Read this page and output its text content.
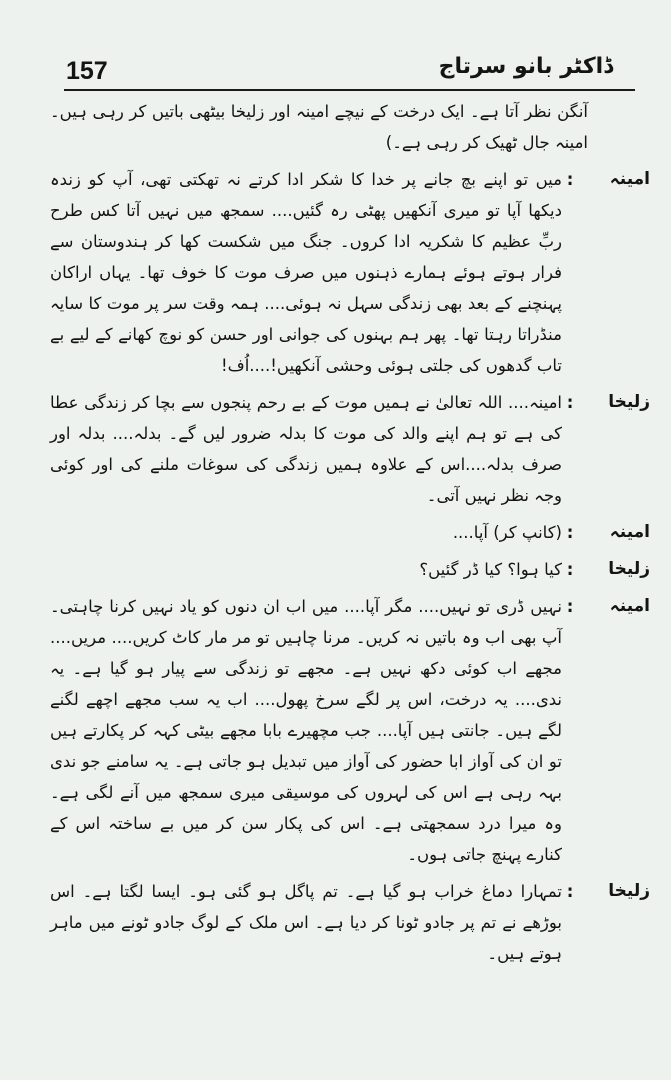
157	ڈاکٹر بانو سرتاج

آنگن نظر آتا ہے۔ ایک درخت کے نیچے امینہ اور زلیخا بیٹھی باتیں کر رہی ہیں۔ امینہ جال ٹھیک کر رہی ہے۔)

امینہ
:

میں تو اپنے بچ جانے پر خدا کا شکر ادا کرتے نہ تھکتی تھی، آپ کو زندہ دیکھا آپا تو میری آنکھیں پھٹی رہ گئیں.... سمجھ میں نہیں آتا کس طرح ربِّ عظیم کا شکریہ ادا کروں۔ جنگ میں شکست کھا کر ہندوستان سے فرار ہوتے ہوئے ہمارے ذہنوں میں صرف موت کا خوف تھا۔ یہاں اراکان پہنچنے کے بعد بھی زندگی سہل نہ ہوئی.... ہمہ وقت سر پر موت کا سایہ منڈراتا رہتا تھا۔ پھر ہم بہنوں کی جوانی اور حسن کو نوچ کھانے کے لیے بے تاب گدھوں کی جلتی ہوئی وحشی آنکھیں!....اُف!

زلیخا
:

امینہ.... اللہ تعالیٰ نے ہمیں موت کے بے رحم پنجوں سے بچا کر زندگی عطا کی ہے تو ہم اپنے والد کی موت کا بدلہ ضرور لیں گے۔ بدلہ.... بدلہ اور صرف بدلہ....اس کے علاوہ ہمیں زندگی کی سوغات ملنے کی اور کوئی وجہ نظر نہیں آتی۔

امینہ
:

(کانپ کر) آپا....

زلیخا
:

کیا ہوا؟ کیا ڈر گئیں؟

امینہ
:

نہیں ڈری تو نہیں.... مگر آپا.... میں اب ان دنوں کو یاد نہیں کرنا چاہتی۔ آپ بھی اب وہ باتیں نہ کریں۔ مرنا چاہیں تو مر مار کاٹ کریں.... مریں.... مجھے اب کوئی دکھ نہیں ہے۔ مجھے تو زندگی سے پیار ہو گیا ہے۔ یہ ندی.... یہ درخت، اس پر لگے سرخ پھول.... اب یہ سب مجھے اچھے لگنے لگے ہیں۔ جانتی ہیں آپا.... جب مچھیرے بابا مجھے بیٹی کہہ کر پکارتے ہیں تو ان کی آواز ابا حضور کی آواز میں تبدیل ہو جاتی ہے۔ یہ سامنے جو ندی بہہ رہی ہے اس کی لہروں کی موسیقی میری سمجھ میں آنے لگی ہے۔ وہ میرا درد سمجھتی ہے۔ اس کی پکار سن کر میں بے ساختہ اس کے کنارے پہنچ جاتی ہوں۔

زلیخا
:

تمہارا دماغ خراب ہو گیا ہے۔ تم پاگل ہو گئی ہو۔ ایسا لگتا ہے۔ اس بوڑھے نے تم پر جادو ٹونا کر دیا ہے۔ اس ملک کے لوگ جادو ٹونے میں ماہر ہوتے ہیں۔
